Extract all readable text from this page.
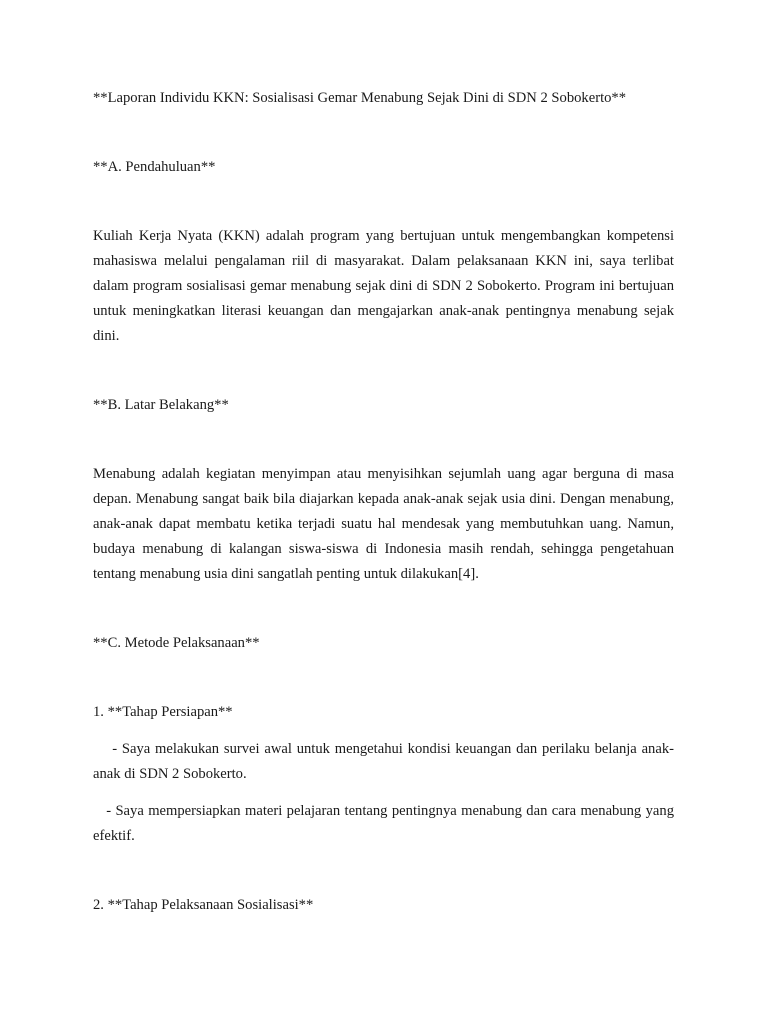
**Laporan Individu KKN: Sosialisasi Gemar Menabung Sejak Dini di SDN 2 Sobokerto**

**A. Pendahuluan**

Kuliah Kerja Nyata (KKN) adalah program yang bertujuan untuk mengembangkan kompetensi mahasiswa melalui pengalaman riil di masyarakat. Dalam pelaksanaan KKN ini, saya terlibat dalam program sosialisasi gemar menabung sejak dini di SDN 2 Sobokerto. Program ini bertujuan untuk meningkatkan literasi keuangan dan mengajarkan anak-anak pentingnya menabung sejak dini.

**B. Latar Belakang**

Menabung adalah kegiatan menyimpan atau menyisihkan sejumlah uang agar berguna di masa depan. Menabung sangat baik bila diajarkan kepada anak-anak sejak usia dini. Dengan menabung, anak-anak dapat membatu ketika terjadi suatu hal mendesak yang membutuhkan uang. Namun, budaya menabung di kalangan siswa-siswa di Indonesia masih rendah, sehingga pengetahuan tentang menabung usia dini sangatlah penting untuk dilakukan[4].

**C. Metode Pelaksanaan**

1. **Tahap Persiapan**

- Saya melakukan survei awal untuk mengetahui kondisi keuangan dan perilaku belanja anak-anak di SDN 2 Sobokerto.

- Saya mempersiapkan materi pelajaran tentang pentingnya menabung dan cara menabung yang efektif.

2. **Tahap Pelaksanaan Sosialisasi**
